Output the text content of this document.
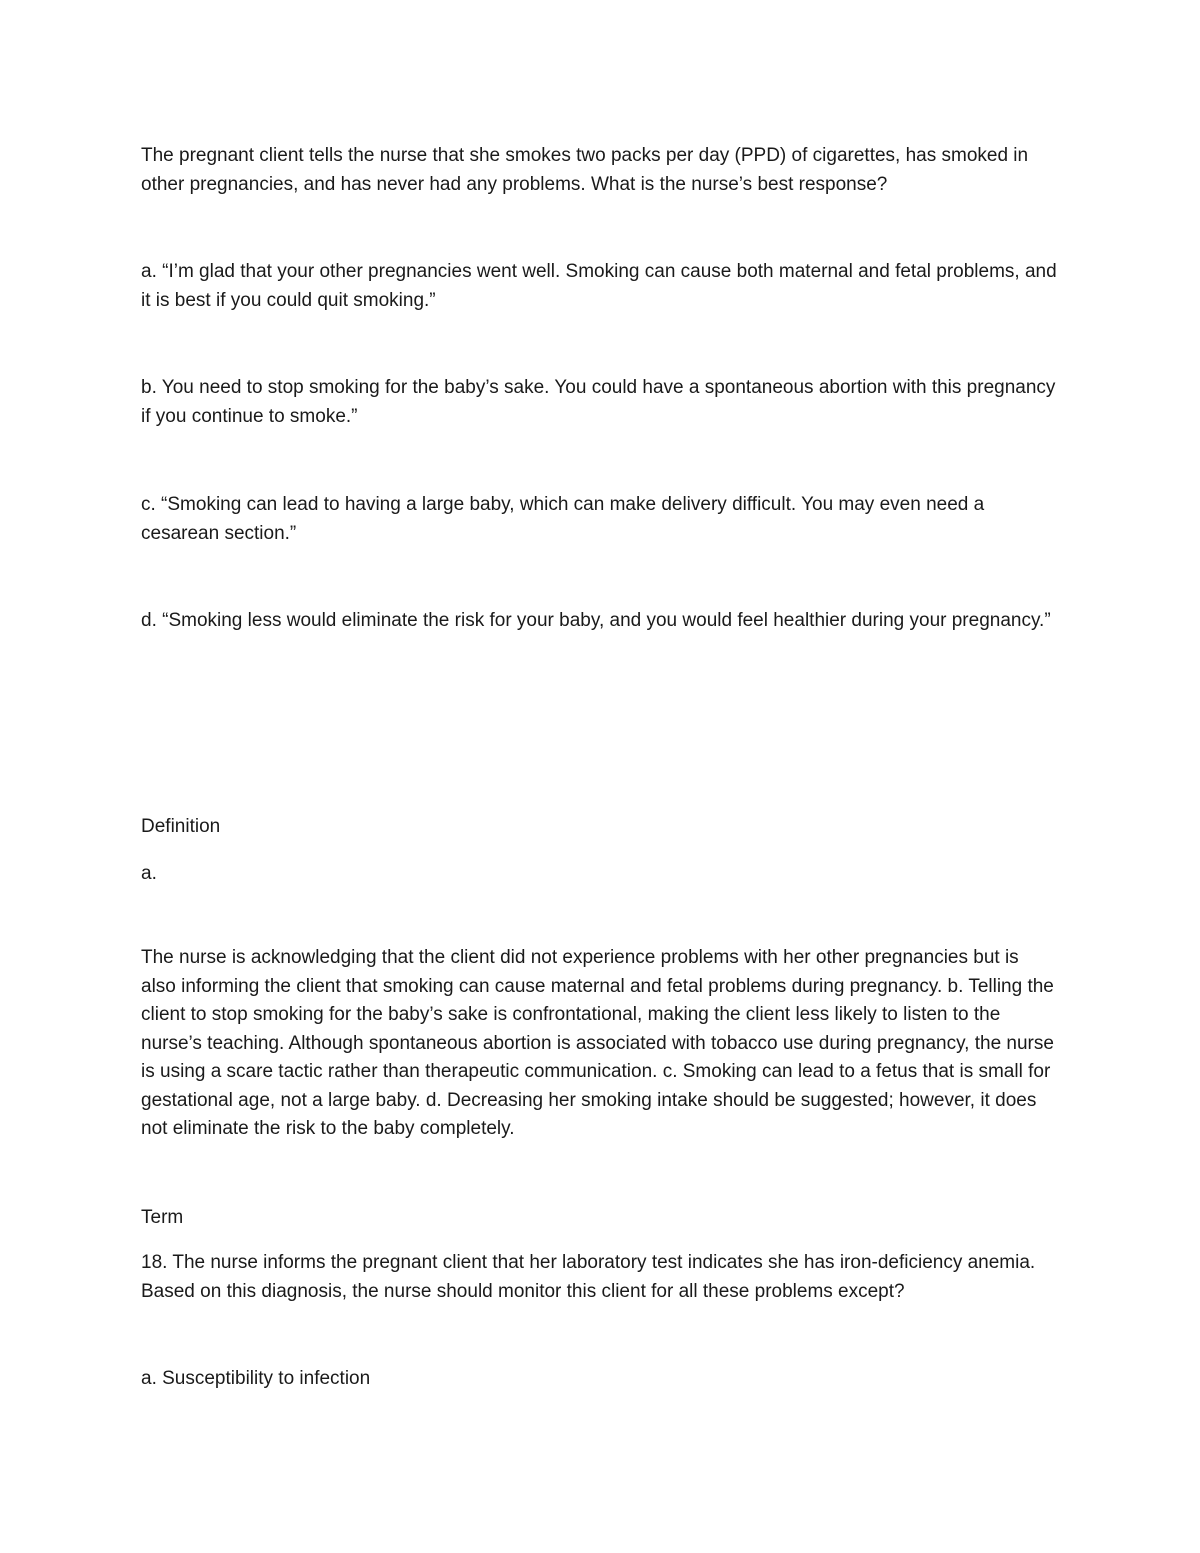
The pregnant client tells the nurse that she smokes two packs per day (PPD) of cigarettes, has smoked in other pregnancies, and has never had any problems. What is the nurse’s best response?

a. “I’m glad that your other pregnancies went well. Smoking can cause both maternal and fetal problems, and it is best if you could quit smoking.”

b. You need to stop smoking for the baby’s sake. You could have a spontaneous abortion with this pregnancy if you continue to smoke.”

c. “Smoking can lead to having a large baby, which can make delivery difficult. You may even need a cesarean section.”

d. “Smoking less would eliminate the risk for your baby, and you would feel healthier during your pregnancy.”

Definition

a.

The nurse is acknowledging that the client did not experience problems with her other pregnancies but is also informing the client that smoking can cause maternal and fetal problems during pregnancy. b. Telling the client to stop smoking for the baby’s sake is confrontational, making the client less likely to listen to the nurse’s teaching. Although spontaneous abortion is associated with tobacco use during pregnancy, the nurse is using a scare tactic rather than therapeutic communication. c. Smoking can lead to a fetus that is small for gestational age, not a large baby. d. Decreasing her smoking intake should be suggested; however, it does not eliminate the risk to the baby completely.

Term

18. The nurse informs the pregnant client that her laboratory test indicates she has iron-deficiency anemia. Based on this diagnosis, the nurse should monitor this client for all these problems except?

a. Susceptibility to infection
